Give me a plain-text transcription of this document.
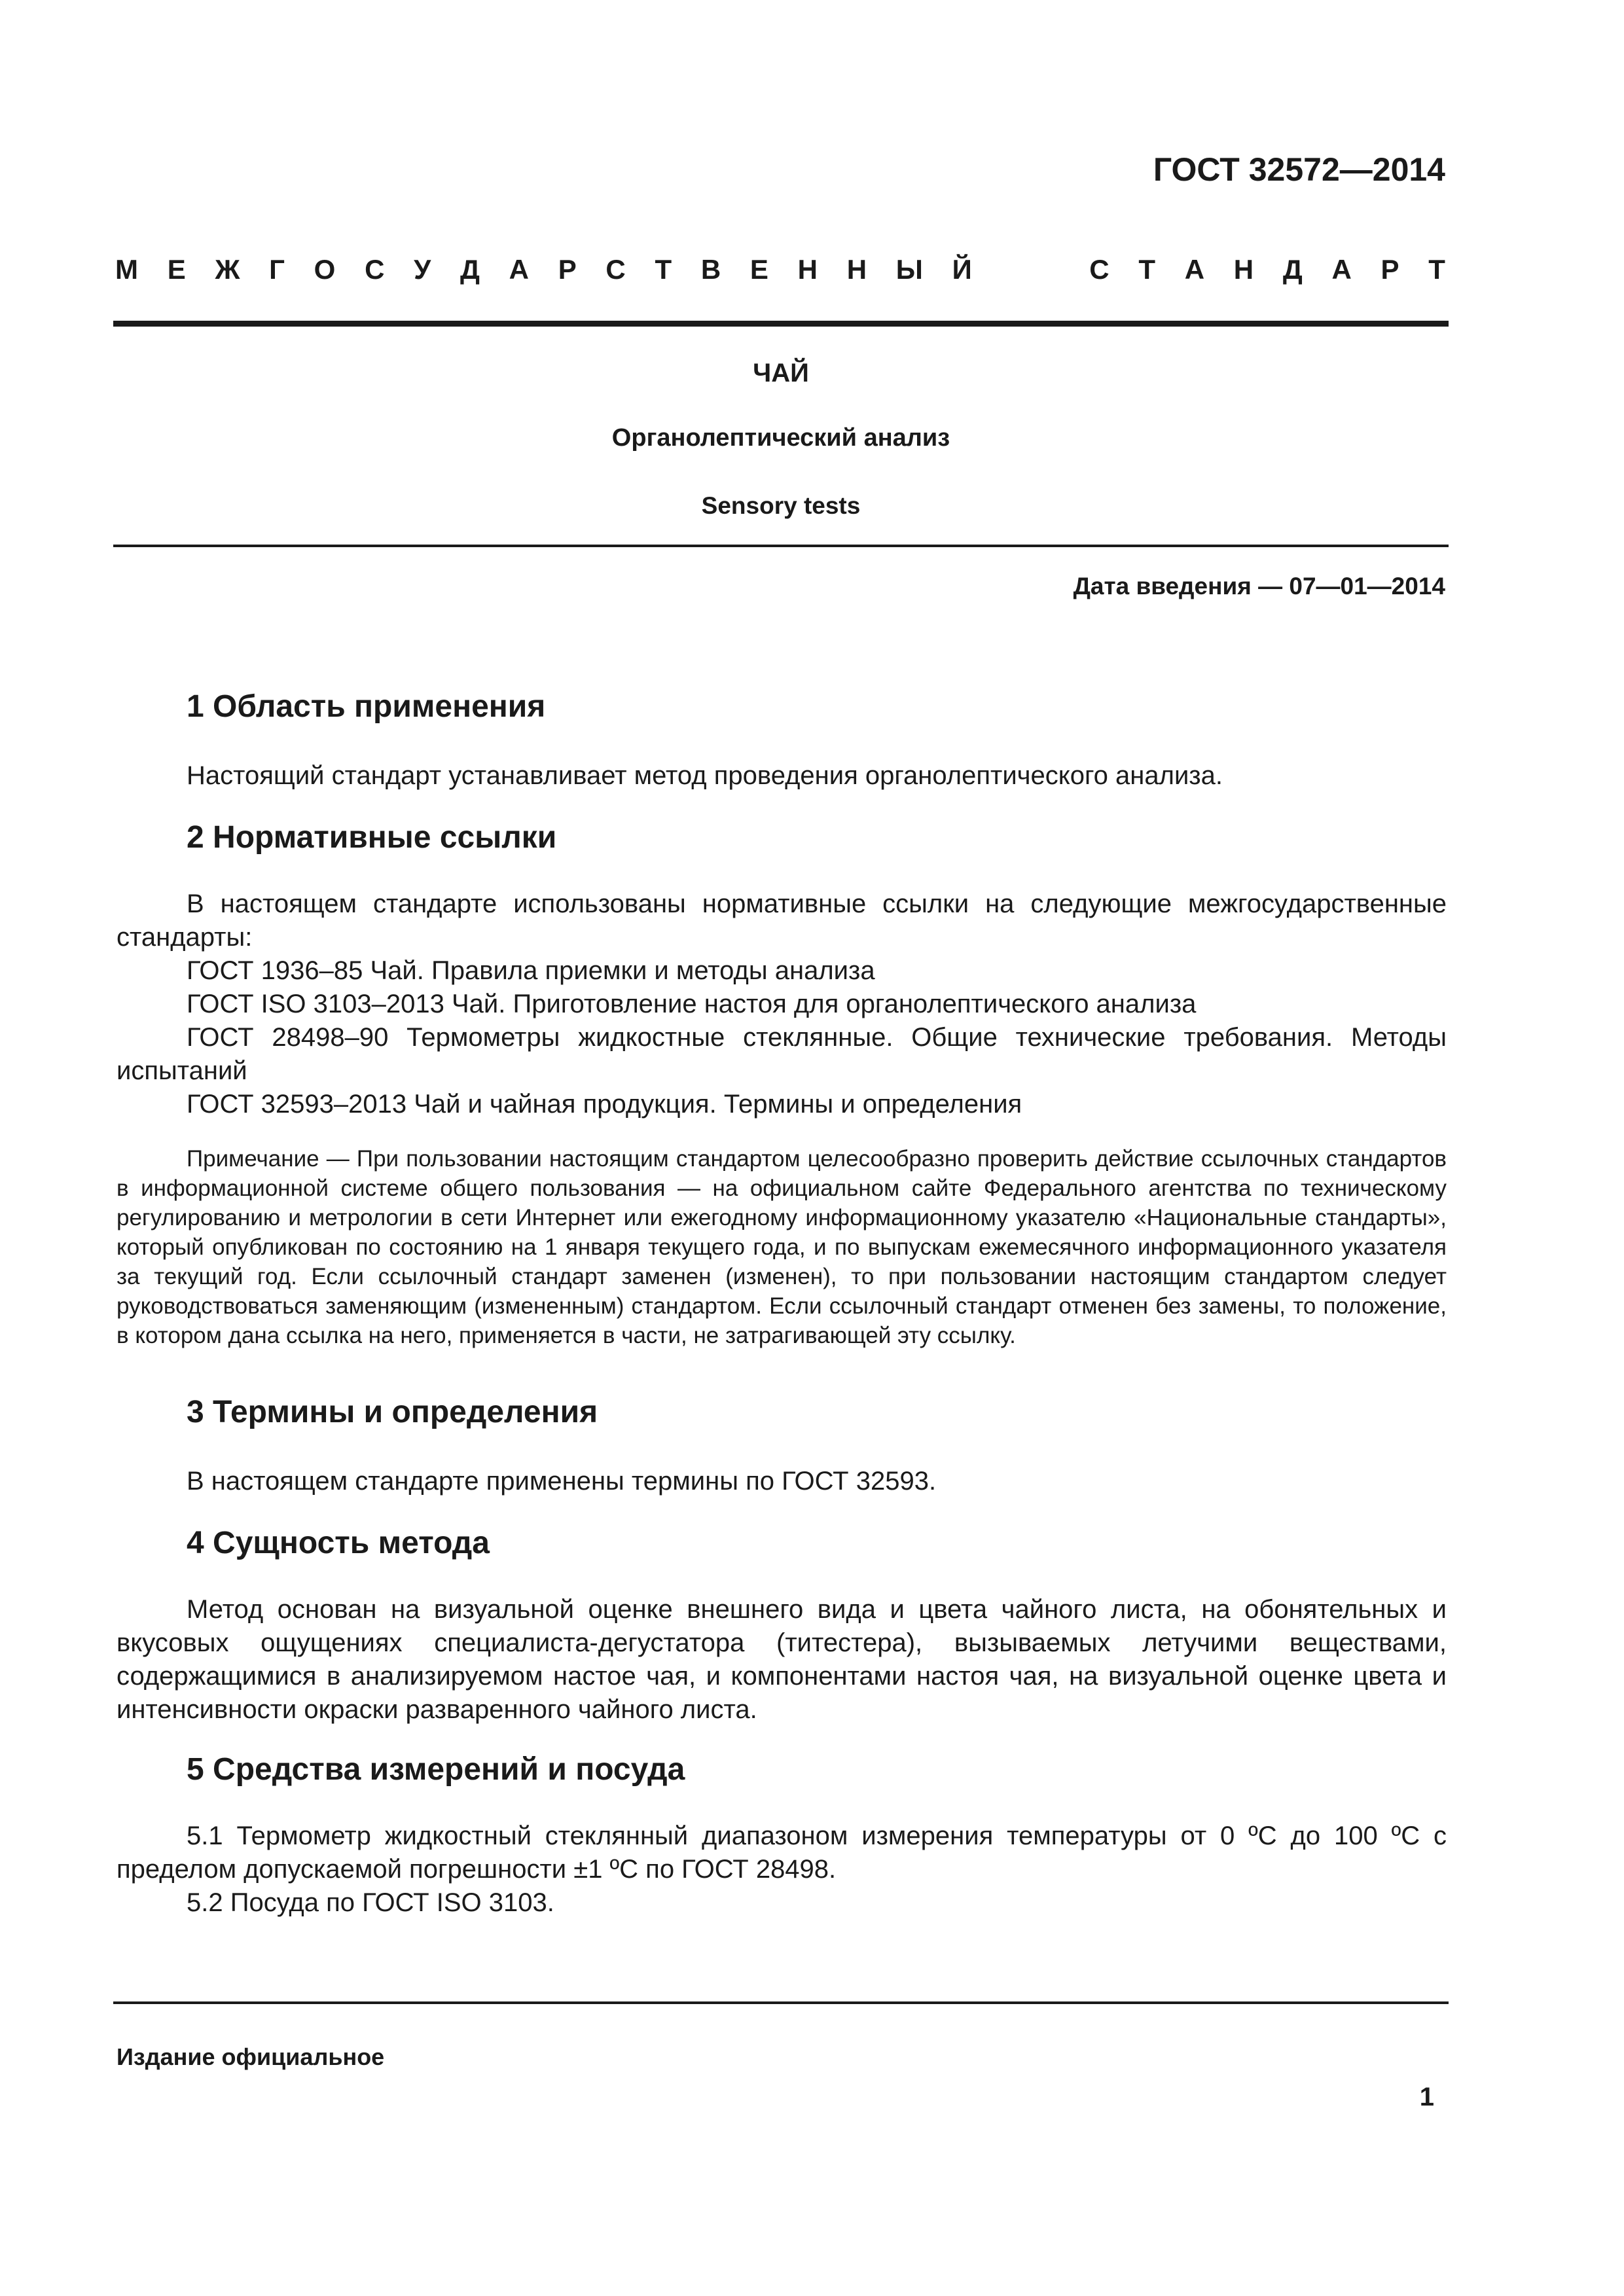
ГОСТ 32572—2014
М Е Ж Г О С У Д А Р С Т В Е Н Н Ы Й	С Т А Н Д А Р Т
ЧАЙ
Органолептический анализ
Sensory tests
Дата введения — 07—01—2014
1 Область применения
Настоящий стандарт устанавливает метод проведения органолептического анализа.
2 Нормативные ссылки
В настоящем стандарте использованы нормативные ссылки на следующие межгосударственные стандарты:
ГОСТ 1936–85 Чай. Правила приемки и методы анализа
ГОСТ ISO 3103–2013 Чай. Приготовление настоя для органолептического анализа
ГОСТ 28498–90 Термометры жидкостные стеклянные. Общие технические требования. Методы испытаний
ГОСТ 32593–2013 Чай и чайная продукция. Термины и определения
Примечание — При пользовании настоящим стандартом целесообразно проверить действие ссылочных стандартов в информационной системе общего пользования — на официальном сайте Федерального агентства по техническому регулированию и метрологии в сети Интернет или ежегодному информационному указателю «Национальные стандарты», который опубликован по состоянию на 1 января текущего года, и по выпускам ежемесячного информационного указателя за текущий год. Если ссылочный стандарт заменен (изменен), то при пользовании настоящим стандартом следует руководствоваться заменяющим (измененным) стандартом. Если ссылочный стандарт отменен без замены, то положение, в котором дана ссылка на него, применяется в части, не затрагивающей эту ссылку.
3 Термины и определения
В настоящем стандарте применены термины по ГОСТ 32593.
4 Сущность метода
Метод основан на визуальной оценке внешнего вида и цвета чайного листа, на обонятельных и вкусовых ощущениях специалиста-дегустатора (титестера), вызываемых летучими веществами, содержащимися в анализируемом настое чая, и компонентами настоя чая, на визуальной оценке цвета и интенсивности окраски разваренного чайного листа.
5 Средства измерений и посуда
5.1 Термометр жидкостный стеклянный диапазоном измерения температуры от 0 ºС до 100 ºС с пределом допускаемой погрешности ±1 ºС по ГОСТ 28498.
5.2 Посуда по ГОСТ ISO 3103.
Издание официальное
1
